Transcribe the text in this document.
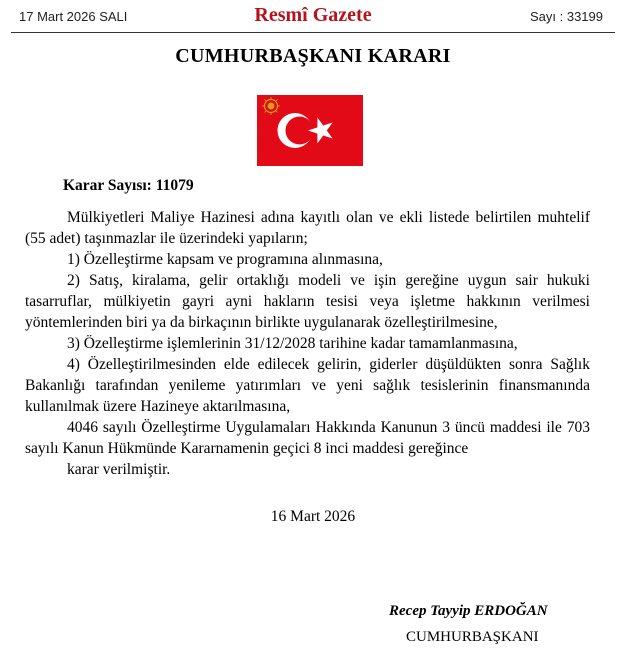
17 Mart 2026 SALI	Resmî Gazete	Sayı : 33199
CUMHURBAŞKANI KARARI
Karar Sayısı: 11079

Mülkiyetleri Maliye Hazinesi adına kayıtlı olan ve ekli listede belirtilen muhtelif (55 adet) taşınmazlar ile üzerindeki yapıların;

1) Özelleştirme kapsam ve programına alınmasına,

2) Satış, kiralama, gelir ortaklığı modeli ve işin gereğine uygun sair hukuki tasarruflar, mülkiyetin gayri ayni hakların tesisi veya işletme hakkının verilmesi yöntemlerinden biri ya da birkaçının birlikte uygulanarak özelleştirilmesine,

3) Özelleştirme işlemlerinin 31/12/2028 tarihine kadar tamamlanmasına,

4) Özelleştirilmesinden elde edilecek gelirin, giderler düşüldükten sonra Sağlık Bakanlığı tarafından yenileme yatırımları ve yeni sağlık tesislerinin finansmanında kullanılmak üzere Hazineye aktarılmasına,

4046 sayılı Özelleştirme Uygulamaları Hakkında Kanunun 3 üncü maddesi ile 703 sayılı Kanun Hükmünde Kararnamenin geçici 8 inci maddesi gereğince

karar verilmiştir.

16 Mart 2026
Recep Tayyip ERDOĞAN
CUMHURBAŞKANI
